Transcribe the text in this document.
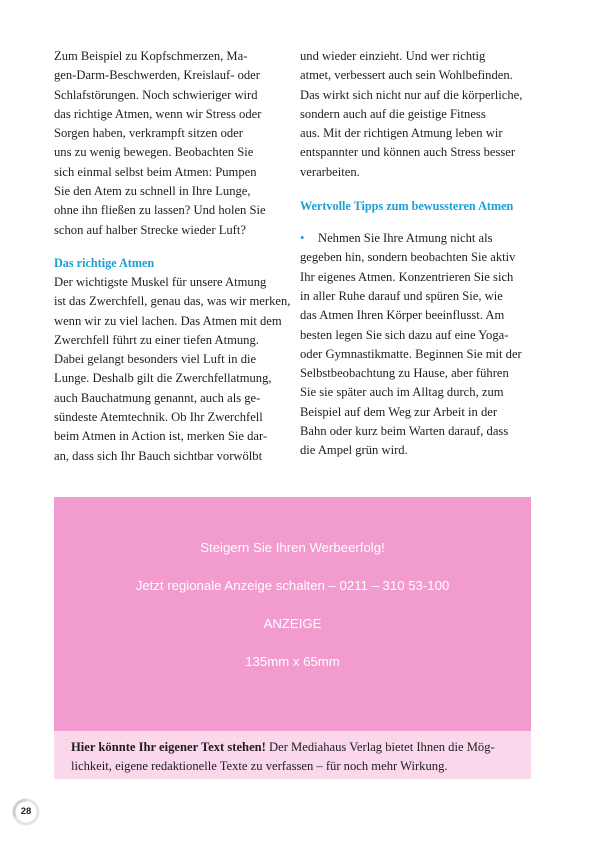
Zum Beispiel zu Kopfschmerzen, Ma-
gen-Darm-Beschwerden, Kreislauf- oder
Schlafstörungen. Noch schwieriger wird
das richtige Atmen, wenn wir Stress oder
Sorgen haben, verkrampft sitzen oder
uns zu wenig bewegen. Beobachten Sie
sich einmal selbst beim Atmen: Pumpen
Sie den Atem zu schnell in Ihre Lunge,
ohne ihn fließen zu lassen? Und holen Sie
schon auf halber Strecke wieder Luft?
Das richtige Atmen
Der wichtigste Muskel für unsere Atmung
ist das Zwerchfell, genau das, was wir merken,
wenn wir zu viel lachen. Das Atmen mit dem
Zwerchfell führt zu einer tiefen Atmung.
Dabei gelangt besonders viel Luft in die
Lunge. Deshalb gilt die Zwerchfellatmung,
auch Bauchatmung genannt, auch als ge-
sündeste Atemtechnik. Ob Ihr Zwerchfell
beim Atmen in Action ist, merken Sie dar-
an, dass sich Ihr Bauch sichtbar vorwölbt
und wieder einzieht. Und wer richtig
atmet, verbessert auch sein Wohlbefinden.
Das wirkt sich nicht nur auf die körperliche,
sondern auch auf die geistige Fitness
aus. Mit der richtigen Atmung leben wir
entspannter und können auch Stress besser
verarbeiten.
Wertvolle Tipps zum bewussteren Atmen
• Nehmen Sie Ihre Atmung nicht als
gegeben hin, sondern beobachten Sie aktiv
Ihr eigenes Atmen. Konzentrieren Sie sich
in aller Ruhe darauf und spüren Sie, wie
das Atmen Ihren Körper beeinflusst. Am
besten legen Sie sich dazu auf eine Yoga-
oder Gymnastikmatte. Beginnen Sie mit der
Selbstbeobachtung zu Hause, aber führen
Sie sie später auch im Alltag durch, zum
Beispiel auf dem Weg zur Arbeit in der
Bahn oder kurz beim Warten darauf, dass
die Ampel grün wird.
Steigern Sie Ihren Werbeerfolg!
Jetzt regionale Anzeige schalten – 0211 – 310 53-100
ANZEIGE
135mm x 65mm
Hier könnte Ihr eigener Text stehen! Der Mediahaus Verlag bietet Ihnen die Mög-
lichkeit, eigene redaktionelle Texte zu verfassen – für noch mehr Wirkung.
28
